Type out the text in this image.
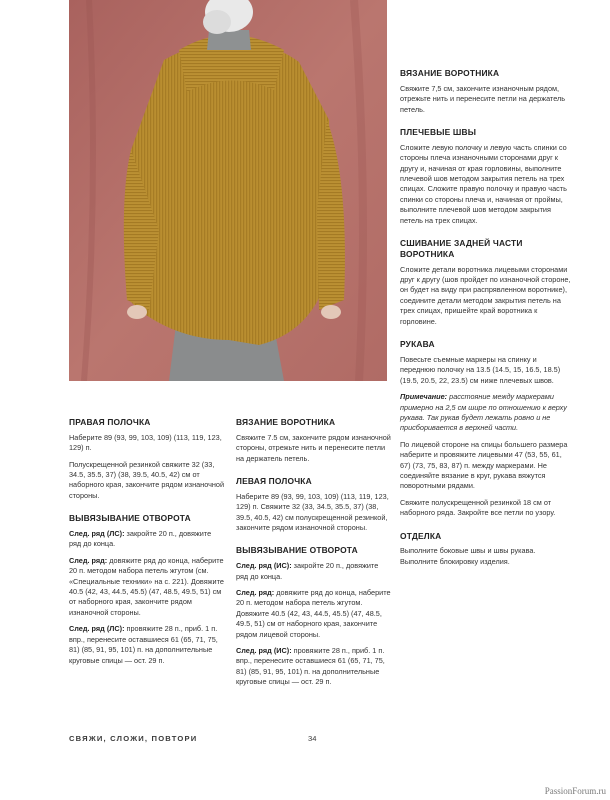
ВЯЗАНИЕ ВОРОТНИКА

Свяжите 7,5 см, закончите изнаночным рядом, отрежьте нить и перенесите петли на держатель петель.

ПЛЕЧЕВЫЕ ШВЫ

Сложите левую полочку и левую часть спинки со стороны плеча изнаночными сторонами друг к другу и, начиная от края горловины, выполните плечевой шов методом закрытия петель на трех спицах. Сложите правую полочку и правую часть спинки со стороны плеча и, начиная от проймы, выполните плечевой шов методом закрытия петель на трех спицах.

СШИВАНИЕ ЗАДНЕЙ ЧАСТИ
ВОРОТНИКА

Сложите детали воротника лицевыми сторонами друг к другу (шов пройдет по изнаночной стороне, он будет на виду при распрявленном воротнике), соедините детали методом закрытия петель на трех спицах, пришейте край воротника к горловине.

РУКАВА

Повесьте съемные маркеры на спинку и переднюю полочку на 13.5 (14.5, 15, 16.5, 18.5) (19.5, 20.5, 22, 23.5) см ниже плечевых швов.

Примечание: расстояние между маркерами примерно на 2,5 см шире по отношению к верху рукава. Так рукав будет лежать ровно и не присборивается в верхней части.

По лицевой стороне на спицы большего размера наберите и провяжите лицевыми 47 (53, 55, 61, 67) (73, 75, 83, 87) п. между маркерами. Не соединяйте вязание в круг, рукава вяжутся поворотными рядами.

Свяжите полускрещенной резинкой 18 см от наборного ряда. Закройте все петли по узору.

ОТДЕЛКА

Выполните боковые швы и швы рукава. Выполните блокировку изделия.

ПРАВАЯ ПОЛОЧКА

Наберите 89 (93, 99, 103, 109) (113, 119, 123, 129) п.

Полускрещенной резинкой свяжите 32 (33, 34.5, 35.5, 37) (38, 39.5, 40.5, 42) см от наборного края, закончите рядом изнаночной стороны.

ВЫВЯЗЫВАНИЕ ОТВОРОТА

След. ряд (ЛС): закройте 20 п., довяжите ряд до конца.

След. ряд: довяжите ряд до конца, наберите 20 п. методом набора петель жгутом (см. «Специальные техники» на с. 221). Довяжите 40.5 (42, 43, 44.5, 45.5) (47, 48.5, 49.5, 51) см от наборного края, закончите рядом изнаночной стороны.

След. ряд (ЛС): провяжите 28 п., приб. 1 п. впр., перенесите оставшиеся 61 (65, 71, 75, 81) (85, 91, 95, 101) п. на дополнительные круговые спицы — ост. 29 п.

ВЯЗАНИЕ ВОРОТНИКА

Свяжите 7.5 см, закончите рядом изнаночной стороны, отрежьте нить и перенесите петли на держатель петель.

ЛЕВАЯ ПОЛОЧКА

Наберите 89 (93, 99, 103, 109) (113, 119, 123, 129) п. Свяжите 32 (33, 34.5, 35.5, 37) (38, 39.5, 40.5, 42) см полускрещенной резинкой, закончите рядом изнаночной стороны.

ВЫВЯЗЫВАНИЕ ОТВОРОТА

След. ряд (ИС): закройте 20 п., довяжите ряд до конца.

След. ряд: довяжите ряд до конца, наберите 20 п. методом набора петель жгутом. Довяжите 40.5 (42, 43, 44.5, 45.5) (47, 48.5, 49.5, 51) см от наборного края, закончите рядом лицевой стороны.

След. ряд (ИС): провяжите 28 п., приб. 1 п. впр., перенесите оставшиеся 61 (65, 71, 75, 81) (85, 91, 95, 101) п. на дополнительные круговые спицы — ост. 29 п.

СВЯЖИ, СЛОЖИ, ПОВТОРИ	34
PassionForum.ru
